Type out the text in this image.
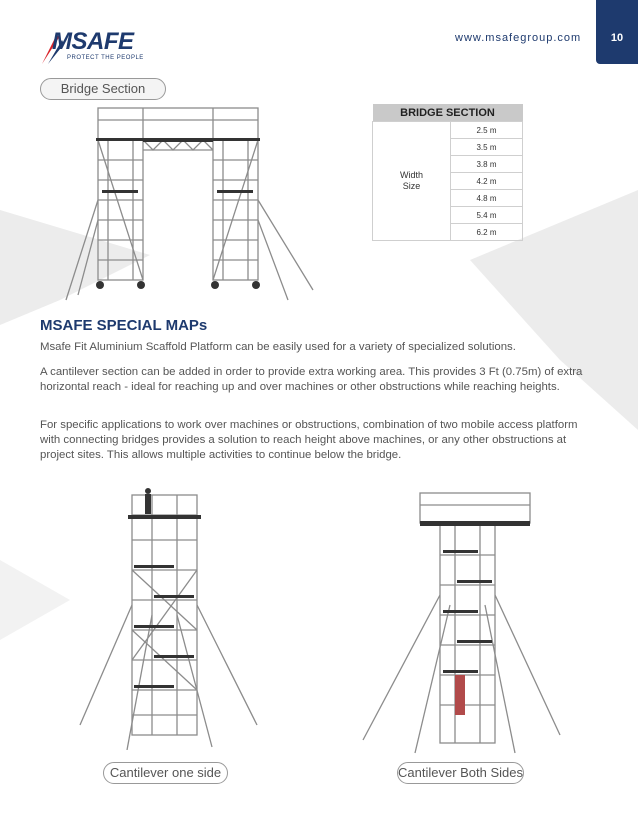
MSAFE
PROTECT THE PEOPLE
www.msafegroup.com	10
Bridge Section
BRIDGE SECTION

Width
Size
	2.5 m
3.5 m
3.8 m
4.2 m
4.8 m
5.4 m
6.2 m
MSAFE SPECIAL MAPs
Msafe Fit Aluminium Scaffold Platform can be easily used for a variety of specialized solutions.
A cantilever section can be added in order to provide extra working area. This provides 3 Ft (0.75m) of extra horizontal reach - ideal for reaching up and over machines or other obstructions while reaching heights.
For specific applications to work over machines or obstructions, combination of two mobile access platform with connecting bridges provides a solution to reach height above machines, or any other obstructions at project sites. This allows multiple activities to continue below the bridge.
Cantilever one side	Cantilever Both Sides
